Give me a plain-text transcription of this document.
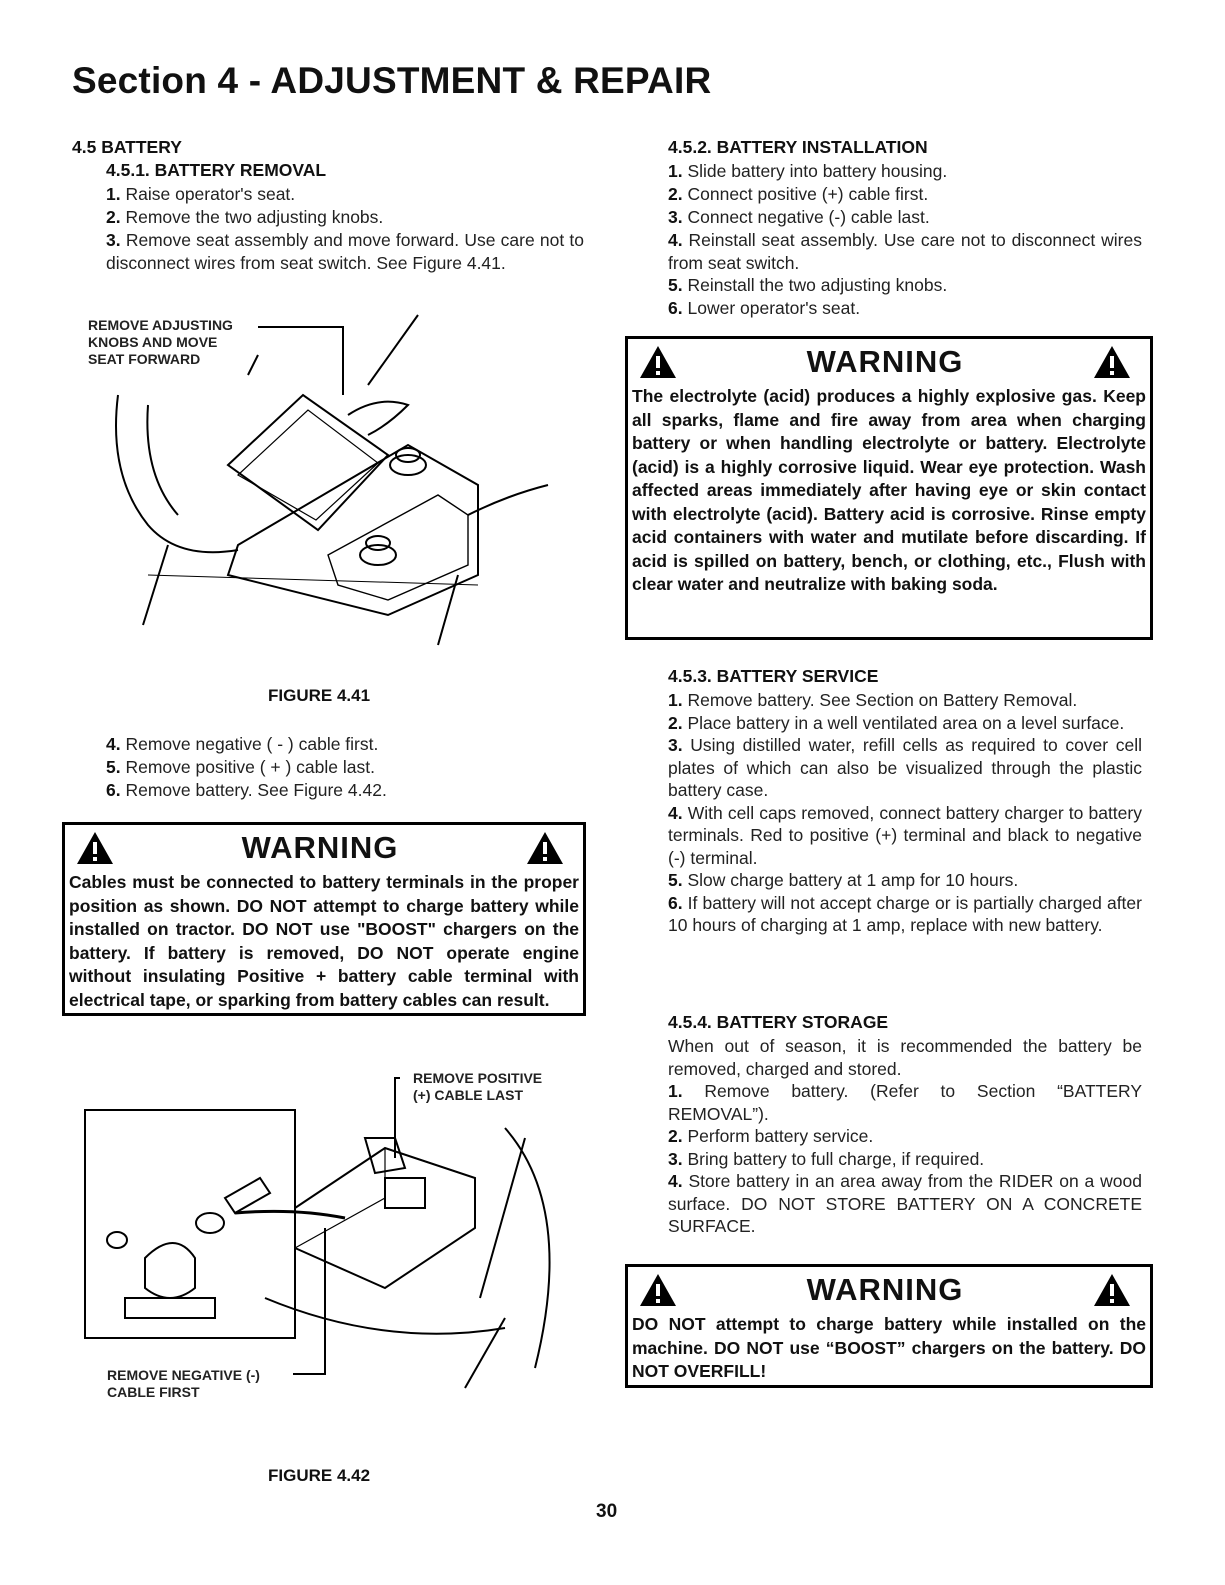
Section 4 - ADJUSTMENT & REPAIR
4.5 BATTERY
4.5.1. BATTERY REMOVAL
1. Raise operator's seat.
2. Remove the two adjusting knobs.
3. Remove seat assembly and move forward. Use care not to disconnect wires from seat switch. See Figure 4.41.
REMOVE ADJUSTING
KNOBS AND MOVE
SEAT FORWARD
FIGURE 4.41
4. Remove negative ( - ) cable first.
5. Remove positive ( + ) cable last.
6. Remove battery. See Figure 4.42.
WARNING
Cables must be connected to battery terminals in the proper position as shown. DO NOT attempt to charge battery while installed on tractor. DO NOT use "BOOST" chargers on the battery. If battery is removed, DO NOT operate engine without insulating Positive + battery cable terminal with electrical tape, or sparking from battery cables can result.
REMOVE POSITIVE
(+) CABLE LAST
REMOVE NEGATIVE (-)
CABLE FIRST
FIGURE 4.42
4.5.2. BATTERY INSTALLATION
1. Slide battery into battery housing.
2. Connect positive (+) cable first.
3. Connect negative (-) cable last.
4. Reinstall seat assembly. Use care not to disconnect wires from seat switch.
5. Reinstall the two adjusting knobs.
6. Lower operator's seat.
WARNING
The electrolyte (acid) produces a highly explosive gas. Keep all sparks, flame and fire away from area when charging battery or when handling electrolyte or battery. Electrolyte (acid) is a highly corrosive liquid. Wear eye protection. Wash affected areas immediately after having eye or skin contact with electrolyte (acid). Battery acid is corrosive. Rinse empty acid containers with water and mutilate before discarding. If acid is spilled on battery, bench, or clothing, etc., Flush with clear water and neutralize with baking soda.
4.5.3. BATTERY SERVICE
1. Remove battery. See Section on Battery Removal.
2. Place battery in a well ventilated area on a level surface.
3. Using distilled water, refill cells as required to cover cell plates of which can also be visualized through the plastic battery case.
4. With cell caps removed, connect battery charger to battery terminals. Red to positive (+) terminal and black to negative (-) terminal.
5. Slow charge battery at 1 amp for 10 hours.
6. If battery will not accept charge or is partially charged after 10 hours of charging at 1 amp, replace with new battery.
4.5.4. BATTERY STORAGE
When out of season, it is recommended the battery be removed, charged and stored.
1. Remove battery. (Refer to Section “BATTERY REMOVAL”).
2. Perform battery service.
3. Bring battery to full charge, if required.
4. Store battery in an area away from the RIDER on a wood surface. DO NOT STORE BATTERY ON A CONCRETE SURFACE.
WARNING
DO NOT attempt to charge battery while installed on the machine. DO NOT use “BOOST” chargers on the battery. DO NOT OVERFILL!
30
